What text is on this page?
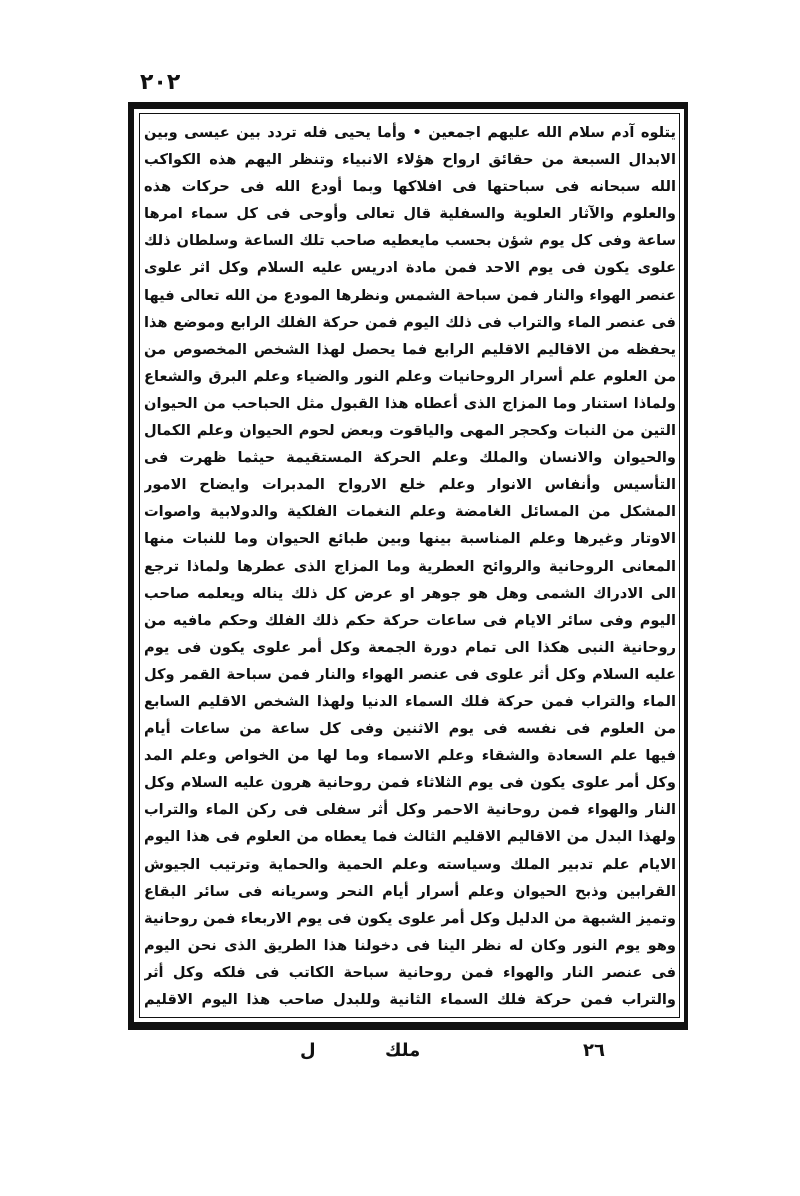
٢٠٢
يتلوه آدم سلام الله عليهم اجمعين • وأما يحيى فله تردد بين عيسى وبين
الابدال السبعة من حقائق ارواح هؤلاء الانبياء وتنظر اليهم هذه الكواكب
الله سبحانه فى سباحتها فى افلاكها وبما أودع الله فى حركات هذه
والعلوم والآثار العلوية والسفلية قال تعالى وأوحى فى كل سماء امرها
ساعة وفى كل يوم شؤن بحسب مايعطيه صاحب تلك الساعة وسلطان ذلك
علوى يكون فى يوم الاحد فمن مادة ادريس عليه السلام وكل اثر علوى
عنصر الهواء والنار فمن سباحة الشمس ونظرها المودع من الله تعالى فيها
فى عنصر الماء والتراب فى ذلك اليوم فمن حركة الفلك الرابع وموضع هذا
يحفظه من الاقاليم الاقليم الرابع فما يحصل لهذا الشخص المخصوص من
من العلوم علم أسرار الروحانيات وعلم النور والضياء وعلم البرق والشعاع
ولماذا استنار وما المزاج الذى أعطاه هذا القبول مثل الحباحب من الحيوان
التين من النبات وكحجر المهى والياقوت وبعض لحوم الحيوان وعلم الكمال
والحيوان والانسان والملك وعلم الحركة المستقيمة حيثما ظهرت فى
التأسيس وأنفاس الانوار وعلم خلع الارواح المدبرات وايضاح الامور
المشكل من المسائل الغامضة وعلم النغمات الفلكية والدولابية واصوات
الاوتار وغيرها وعلم المناسبة بينها وبين طبائع الحيوان وما للنبات منها
المعانى الروحانية والروائح العطرية وما المزاج الذى عطرها ولماذا ترجع
الى الادراك الشمى وهل هو جوهر او عرض كل ذلك يناله ويعلمه صاحب
اليوم وفى سائر الايام فى ساعات حركة حكم ذلك الفلك وحكم مافيه من
روحانية النبى هكذا الى تمام دورة الجمعة وكل أمر علوى يكون فى يوم
عليه السلام وكل أثر علوى فى عنصر الهواء والنار فمن سباحة القمر وكل
الماء والتراب فمن حركة فلك السماء الدنيا ولهذا الشخص الاقليم السابع
من العلوم فى نفسه فى يوم الاثنين وفى كل ساعة من ساعات أيام
فيها علم السعادة والشقاء وعلم الاسماء وما لها من الخواص وعلم المد
وكل أمر علوى يكون فى يوم الثلاثاء فمن روحانية هرون عليه السلام وكل
النار والهواء فمن روحانية الاحمر وكل أثر سفلى فى ركن الماء والتراب
ولهذا البدل من الاقاليم الاقليم الثالث فما يعطاه من العلوم فى هذا اليوم
الايام علم تدبير الملك وسياسته وعلم الحمية والحماية وترتيب الجيوش
القرابين وذبح الحيوان وعلم أسرار أيام النحر وسريانه فى سائر البقاع
وتميز الشبهة من الدليل وكل أمر علوى يكون فى يوم الاربعاء فمن روحانية
وهو يوم النور وكان له نظر الينا فى دخولنا هذا الطريق الذى نحن اليوم
فى عنصر النار والهواء فمن روحانية سباحة الكاتب فى فلكه وكل أثر
والتراب فمن حركة فلك السماء الثانية وللبدل صاحب هذا اليوم الاقليم
٢٦
ملك
ل
